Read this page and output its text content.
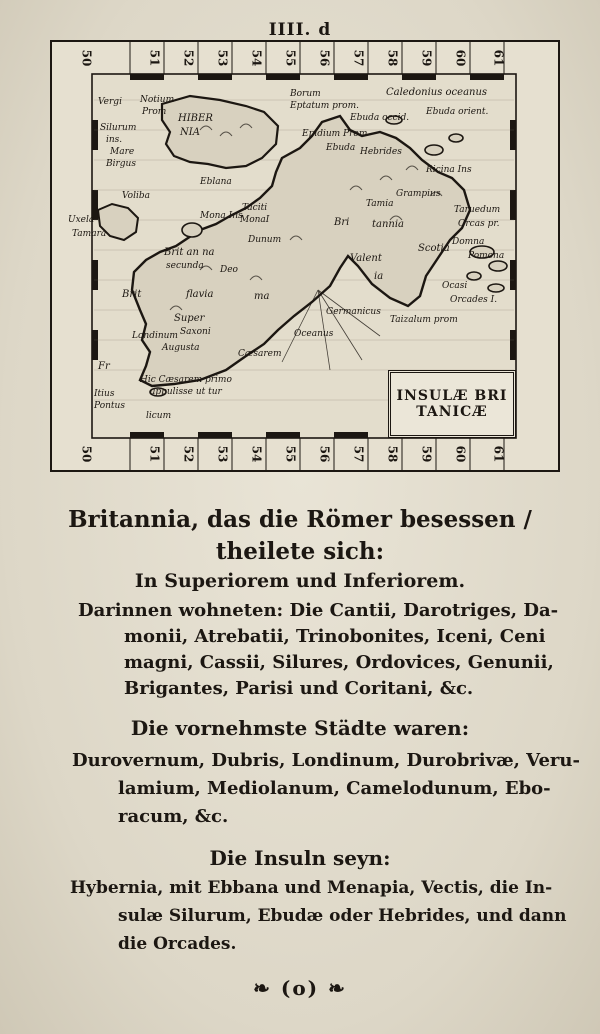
IIII. d
50	51 52 53 54 55 56 57 58 59 60 61
50	51 52 53 54 55 56 57 58 59 60 61
Caledonius oceanus
Vergi Notium
Prom
Silurum
ins.
Mare
Birgus
HIBER
NIA
Eblana
Voliba
Mona Ins
Taciti
MonaI
Brit an na
secunda
Uxela
Tamara
Brit	flavia	ma
Super
Saxoni
Londinum
Augusta
Fr
Itius
Pontus
licum
Hic Cæsarem primo
appulisse ut tur
Ebuda occid.
Ebuda orient.
Ebuda Hebrides
Ricina Ins
Borum
Eptatum prom.
Epidium Prom
Grampius
Tamia
Bri tannia
Scotia
Valent
ia
Taruedum
Orcas pr.
Domna
Pomona
Orcades I.
Ocasi
Taizalum prom
Germanicus
Oceanus
Dunum
Deo
Cæsarem
INSULÆ BRI
TANICÆ
Britannia, das die Römer besessen /
theilete sich:
In Superiorem und Inferiorem.
Darinnen wohneten: Die Cantii, Darotriges, Da-
monii, Atrebatii, Trinobonites, Iceni, Ceni
magni, Cassii, Silures, Ordovices, Genunii,
Brigantes, Parisi und Coritani, &c.
Die vornehmste Städte waren:
Durovernum, Dubris, Londinum, Durobrivæ, Veru-
lamium, Mediolanum, Camelodunum, Ebo-
racum, &c.
Die Insuln seyn:
Hybernia, mit Ebbana und Menapia, Vectis, die In-
sulæ Silurum, Ebudæ oder Hebrides, und dann
die Orcades.
❧ (o) ❧
